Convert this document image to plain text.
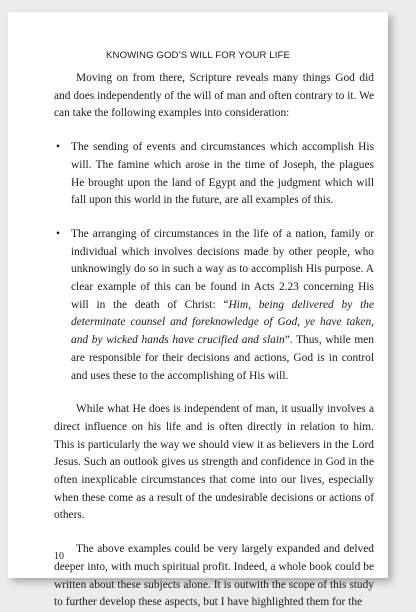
KNOWING GOD’S WILL FOR YOUR LIFE

Moving on from there, Scripture reveals many things God did and does independently of the will of man and often contrary to it. We can take the following examples into consideration:

• The sending of events and circumstances which accomplish His will. The famine which arose in the time of Joseph, the plagues He brought upon the land of Egypt and the judgment which will fall upon this world in the future, are all examples of this.

• The arranging of circumstances in the life of a nation, family or individual which involves decisions made by other people, who unknowingly do so in such a way as to accomplish His purpose. A clear example of this can be found in Acts 2.23 concerning His will in the death of Christ: “Him, being delivered by the determinate counsel and foreknowledge of God, ye have taken, and by wicked hands have crucified and slain”. Thus, while men are responsible for their decisions and actions, God is in control and uses these to the accomplishing of His will.

While what He does is independent of man, it usually involves a direct influence on his life and is often directly in relation to him. This is particularly the way we should view it as believers in the Lord Jesus. Such an outlook gives us strength and confidence in God in the often inexplicable circumstances that come into our lives, especially when these come as a result of the undesirable decisions or actions of others.

The above examples could be very largely expanded and delved deeper into, with much spiritual profit. Indeed, a whole book could be written about these subjects alone. It is outwith the scope of this study to further develop these aspects, but I have highlighted them for the

10
